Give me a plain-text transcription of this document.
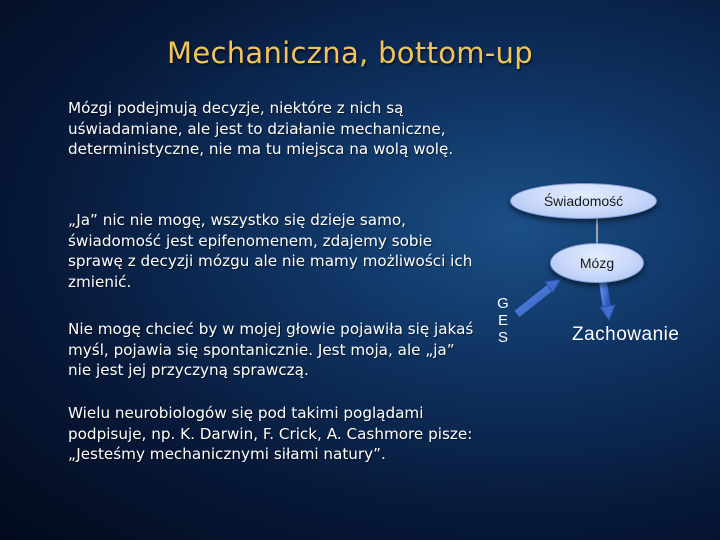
Mechaniczna, bottom-up
Mózgi podejmują decyzje, niektóre z nich są uświadamiane, ale jest to działanie mechaniczne, deterministyczne, nie ma tu miejsca na wolą wolę.
„Ja” nic nie mogę, wszystko się dzieje samo, świadomość jest epifenomenem, zdajemy sobie sprawę z decyzji mózgu ale nie mamy możliwości ich zmienić.
Nie mogę chcieć by w mojej głowie pojawiła się jakaś myśl, pojawia się spontanicznie. Jest moja, ale „ja” nie jest jej przyczyną sprawczą.
Wielu neurobiologów się pod takimi poglądami podpisuje, np. K. Darwin, F. Crick, A. Cashmore pisze: „Jesteśmy mechanicznymi siłami natury”.
Świadomość
Mózg
G
E
S	Zachowanie
